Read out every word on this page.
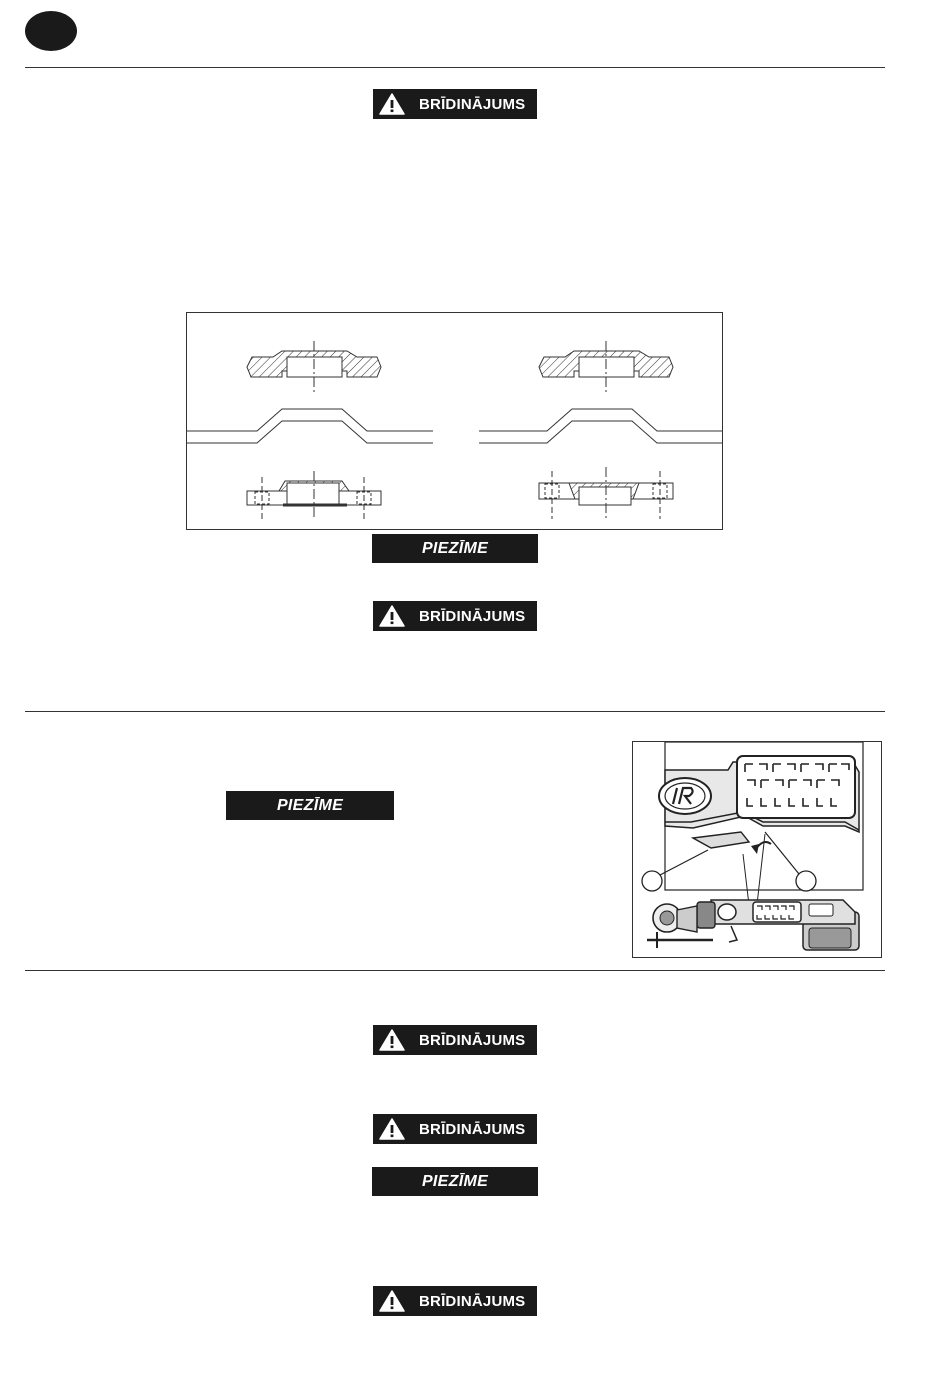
BRĪDINĀJUMS
PIEZĪME
BRĪDINĀJUMS
PIEZĪME
BRĪDINĀJUMS
BRĪDINĀJUMS
PIEZĪME
BRĪDINĀJUMS
